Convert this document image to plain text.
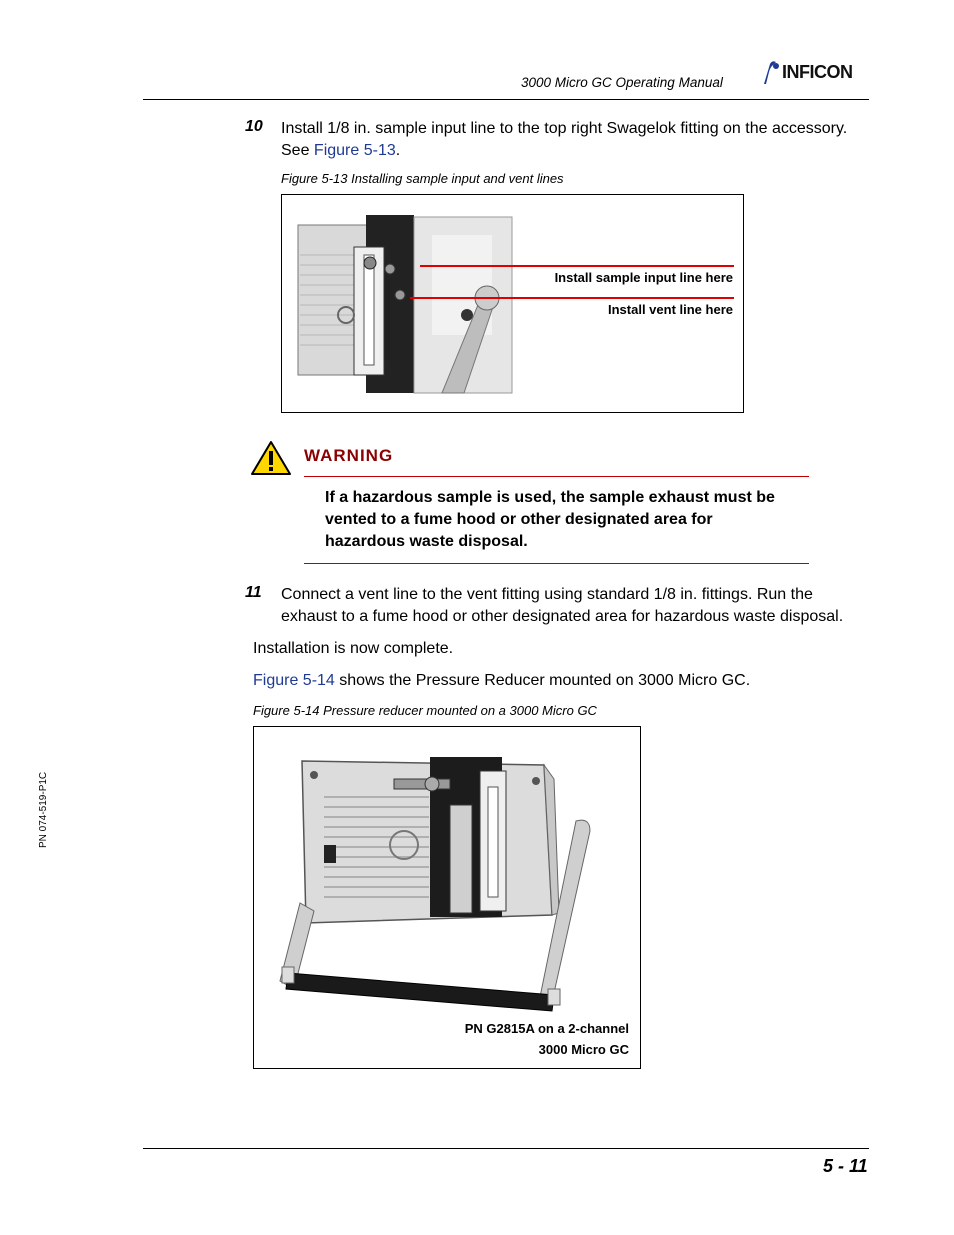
3000 Micro GC Operating Manual
INFICON
10 Install 1/8 in. sample input line to the top right Swagelok fitting on the accessory.
See Figure 5-13.
Figure 5-13 Installing sample input and vent lines
Install sample input line here
Install vent line here
WARNING
If a hazardous sample is used, the sample exhaust must be vented to a fume hood or other designated area for hazardous waste disposal.
11 Connect a vent line to the vent fitting using standard 1/8 in. fittings. Run the
exhaust to a fume hood or other designated area for hazardous waste disposal.
Installation is now complete.
Figure 5-14 shows the Pressure Reducer mounted on 3000 Micro GC.
Figure 5-14 Pressure reducer mounted on a 3000 Micro GC
PN G2815A on a 2-channel
3000 Micro GC
PN 074-519-P1C
5 - 11
